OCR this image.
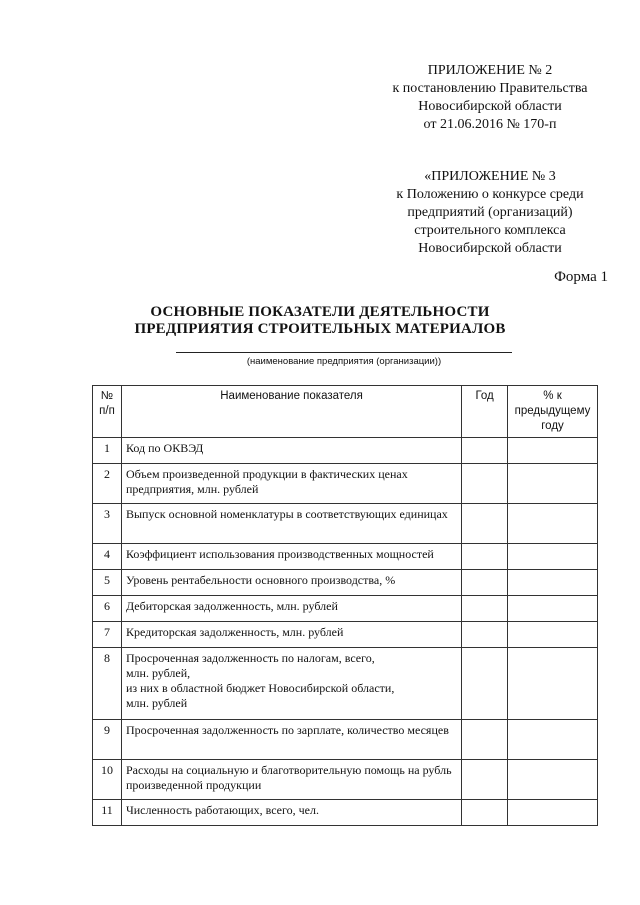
ПРИЛОЖЕНИЕ № 2
к постановлению Правительства
Новосибирской области
от 21.06.2016 № 170-п
«ПРИЛОЖЕНИЕ № 3
к Положению о конкурсе среди
предприятий (организаций)
строительного комплекса
Новосибирской области
Форма 1
ОСНОВНЫЕ ПОКАЗАТЕЛИ ДЕЯТЕЛЬНОСТИ
ПРЕДПРИЯТИЯ СТРОИТЕЛЬНЫХ МАТЕРИАЛОВ
(наименование предприятия (организации))
№ п/п	Наименование показателя	Год	% к предыдущему году
1	Код по ОКВЭД		
2	Объем произведенной продукции в фактических ценах предприятия, млн. рублей		
3	Выпуск основной номенклатуры в соответствующих единицах		
4	Коэффициент использования производственных мощностей		
5	Уровень рентабельности основного производства, %		
6	Дебиторская задолженность, млн. рублей		
7	Кредиторская задолженность, млн. рублей		
8	Просроченная задолженность по налогам, всего,
млн. рублей,
из них в областной бюджет Новосибирской области,
млн. рублей		
9	Просроченная задолженность по зарплате, количество месяцев		
10	Расходы на социальную и благотворительную помощь на рубль произведенной продукции		
11	Численность работающих, всего, чел.		
